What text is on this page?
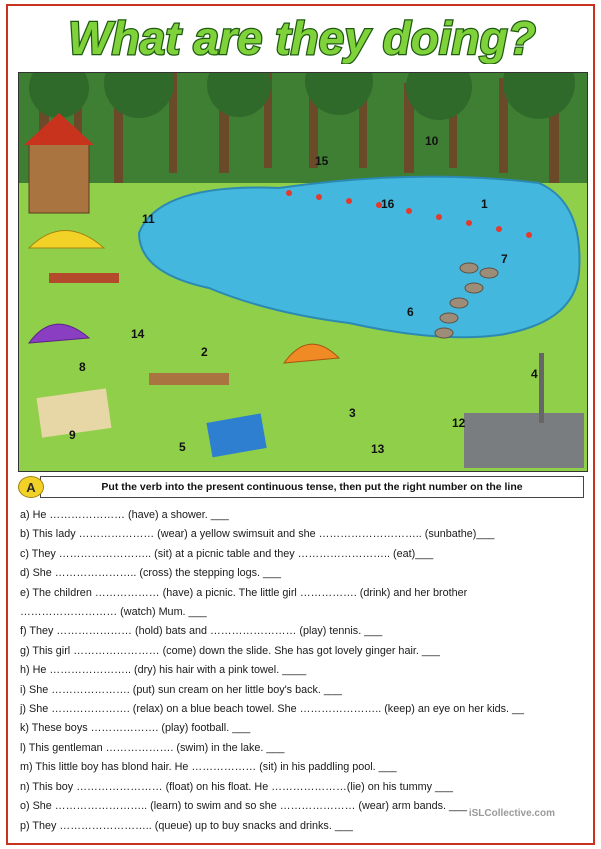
What are they doing?
1
2
3
4
5
6
7
8
9
10
11
12
13
14
15
16
Put the verb into the present continuous tense, then put the right number on the line
A
a) He ………………… (have) a shower. ___
b) This lady ………………… (wear) a yellow swimsuit and she ……………………….. (sunbathe)___
c) They …………………….. (sit) at a picnic table and they …………………….. (eat)___
d) She ………………….. (cross) the stepping logs. ___
e) The children ……………… (have) a picnic. The little girl ……………. (drink) and her brother
……………………… (watch) Mum. ___
f) They ………………… (hold) bats and …………………… (play) tennis. ___
g) This girl …………………… (come) down the slide. She has got lovely ginger hair. ___
h) He ………………….. (dry) his hair with a pink towel. ____
i) She …………………. (put) sun cream on her little boy's back. ___
j) She …………………. (relax) on a blue beach towel. She ………………….. (keep) an eye on her kids. __
k) These boys ………………. (play) football. ___
l) This gentleman ………………. (swim) in the lake. ___
m) This little boy has blond hair. He ……………… (sit) in his paddling pool. ___
n) This boy …………………… (float) on his float. He …………………(lie) on his tummy ___
o) She …………………….. (learn) to swim and so she ………………… (wear) arm bands. ___
p) They …………………….. (queue) up to buy snacks and drinks. ___
iSLCollective.com
